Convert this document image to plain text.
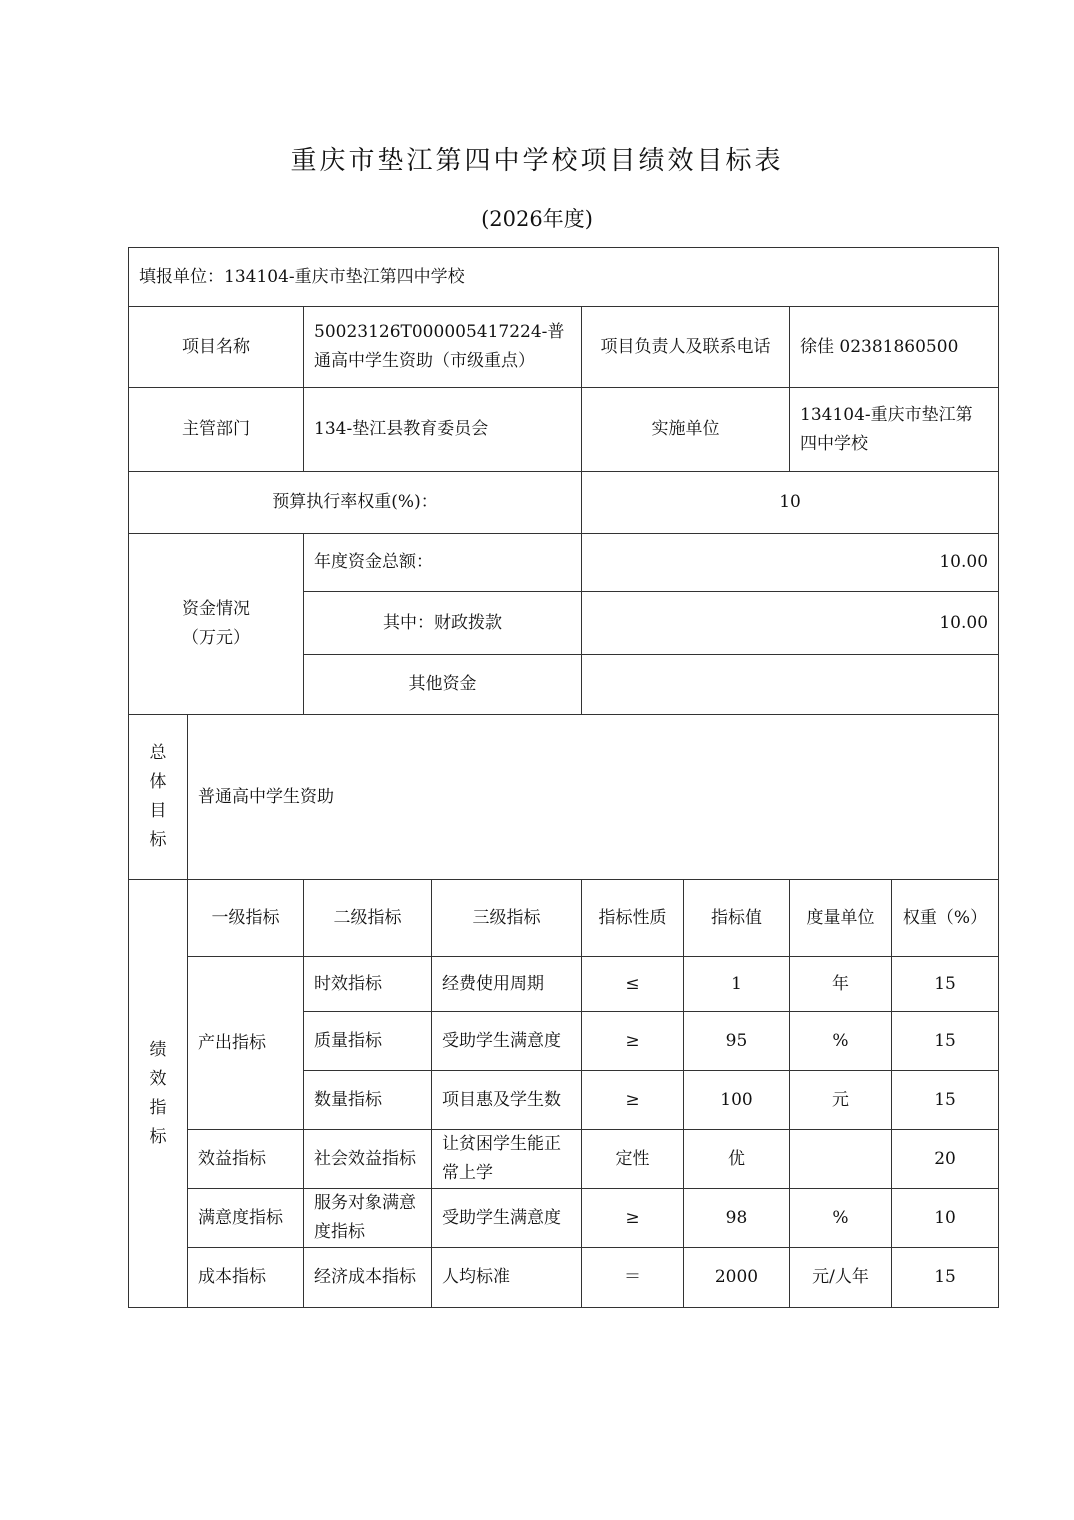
重庆市垫江第四中学校项目绩效目标表
(2026年度)
填报单位：134104-重庆市垫江第四中学校							
项目名称		50023126T000005417224-普通高中学生资助（市级重点）		项目负责人及联系电话		徐佳 02381860500	
主管部门		134-垫江县教育委员会		实施单位		134104-重庆市垫江第四中学校	
预算执行率权重(%)：				10			
资金情况（万元）		年度资金总额：		10.00			
		其中：财政拨款		10.00			
		其他资金					
总体目标	普通高中学生资助						
绩效指标	一级指标	二级指标	三级指标	指标性质	指标值	度量单位	权重（%）
	产出指标	时效指标	经费使用周期	≤	1	年	15
		质量指标	受助学生满意度	≥	95	%	15
		数量指标	项目惠及学生数	≥	100	元	15
	效益指标	社会效益指标	让贫困学生能正常上学	定性	优		20
	满意度指标	服务对象满意度指标	受助学生满意度	≥	98	%	10
	成本指标	经济成本指标	人均标准	＝	2000	元/人年	15
